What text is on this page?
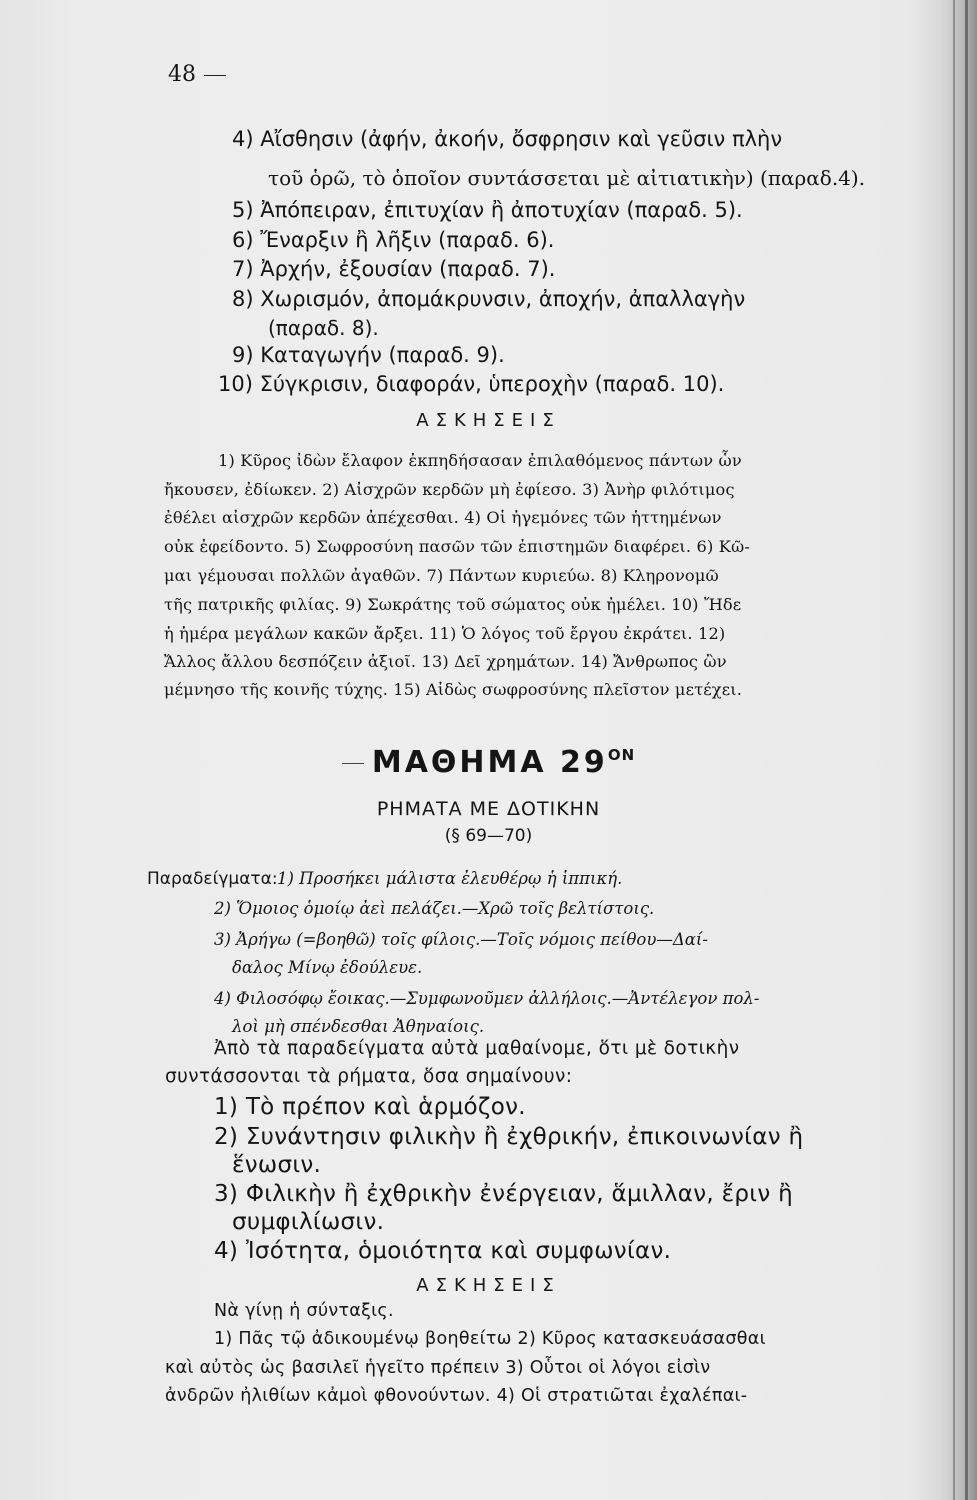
48
4) Αἴσθησιν (ἀφήν, ἀκοήν, ὄσφρησιν καὶ γεῦσιν πλὴν
τοῦ ὁρῶ, τὸ ὁποῖον συντάσσεται μὲ αἰτιατικὴν) (παραδ.4).
5) Ἀπόπειραν, ἐπιτυχίαν ἢ ἀποτυχίαν (παραδ. 5).
6) Ἔναρξιν ἢ λῆξιν (παραδ. 6).
7) Ἀρχήν, ἐξουσίαν (παραδ. 7).
8) Χωρισμόν, ἀπομάκρυνσιν, ἀποχήν, ἀπαλλαγὴν
(παραδ. 8).
9) Καταγωγήν (παραδ. 9).
10) Σύγκρισιν, διαφοράν, ὑπεροχὴν (παραδ. 10).
ΑΣΚΗΣΕΙΣ
1) Κῦρος ἰδὼν ἔλαφον ἐκπηδήσασαν ἐπιλαθόμενος πάντων ὧν
ἤκουσεν, ἐδίωκεν. 2) Αἰσχρῶν κερδῶν μὴ ἐφίεσο. 3) Ἀνὴρ φιλότιμος
ἐθέλει αἰσχρῶν κερδῶν ἀπέχεσθαι. 4) Οἱ ἡγεμόνες τῶν ἡττημένων
οὐκ ἐφείδοντο. 5) Σωφροσύνη πασῶν τῶν ἐπιστημῶν διαφέρει. 6) Κῶ-
μαι γέμουσαι πολλῶν ἀγαθῶν. 7) Πάντων κυριεύω. 8) Κληρονομῶ
τῆς πατρικῆς φιλίας. 9) Σωκράτης τοῦ σώματος οὐκ ἠμέλει. 10) Ἤδε
ἡ ἡμέρα μεγάλων κακῶν ἄρξει. 11) Ὁ λόγος τοῦ ἔργου ἐκράτει. 12)
Ἄλλος ἄλλου δεσπόζειν ἀξιοῖ. 13) Δεῖ χρημάτων. 14) Ἄνθρωπος ὢν
μέμνησο τῆς κοινῆς τύχης. 15) Αἰδὼς σωφροσύνης πλεῖστον μετέχει.
ΜΑΘΗΜΑ $29^{ON}$
ΡΗΜΑΤΑ ΜΕ ΔΟΤΙΚΗΝ
(§ 69—70)
Παραδείγματα: 1) Προσήκει μάλιστα ἐλευθέρῳ ἡ ἱππική.
2) Ὅμοιος ὁμοίῳ ἀεὶ πελάζει.—Χρῶ τοῖς βελτίστοις.
3) Ἀρήγω (=βοηθῶ) τοῖς φίλοις.—Τοῖς νόμοις πείθου—Δαί-
δαλος Μίνῳ ἐδούλευε.
4) Φιλοσόφῳ ἔοικας.—Συμφωνοῦμεν ἀλλήλοις.—Ἀντέλεγον πολ-
λοὶ μὴ σπένδεσθαι Ἀθηναίοις.
Ἀπὸ τὰ παραδείγματα αὐτὰ μαθαίνομε, ὅτι μὲ δοτικὴν
συντάσσονται τὰ ρήματα, ὅσα σημαίνουν:
1) Τὸ πρέπον καὶ ἁρμόζον.
2) Συνάντησιν φιλικὴν ἢ ἐχθρικήν, ἐπικοινωνίαν ἢ
ἕνωσιν.
3) Φιλικὴν ἢ ἐχθρικὴν ἐνέργειαν, ἅμιλλαν, ἔριν ἢ
συμφιλίωσιν.
4) Ἰσότητα, ὁμοιότητα καὶ συμφωνίαν.
ΑΣΚΗΣΕΙΣ
Νὰ γίνῃ ἡ σύνταξις.
1) Πᾶς τῷ ἀδικουμένῳ βοηθείτω 2) Κῦρος κατασκευάσασθαι
καὶ αὐτὸς ὡς βασιλεῖ ἡγεῖτο πρέπειν 3) Οὗτοι οἱ λόγοι εἰσὶν
ἀνδρῶν ἠλιθίων κἀμοὶ φθονούντων. 4) Οἱ στρατιῶται ἐχαλέπαι-
